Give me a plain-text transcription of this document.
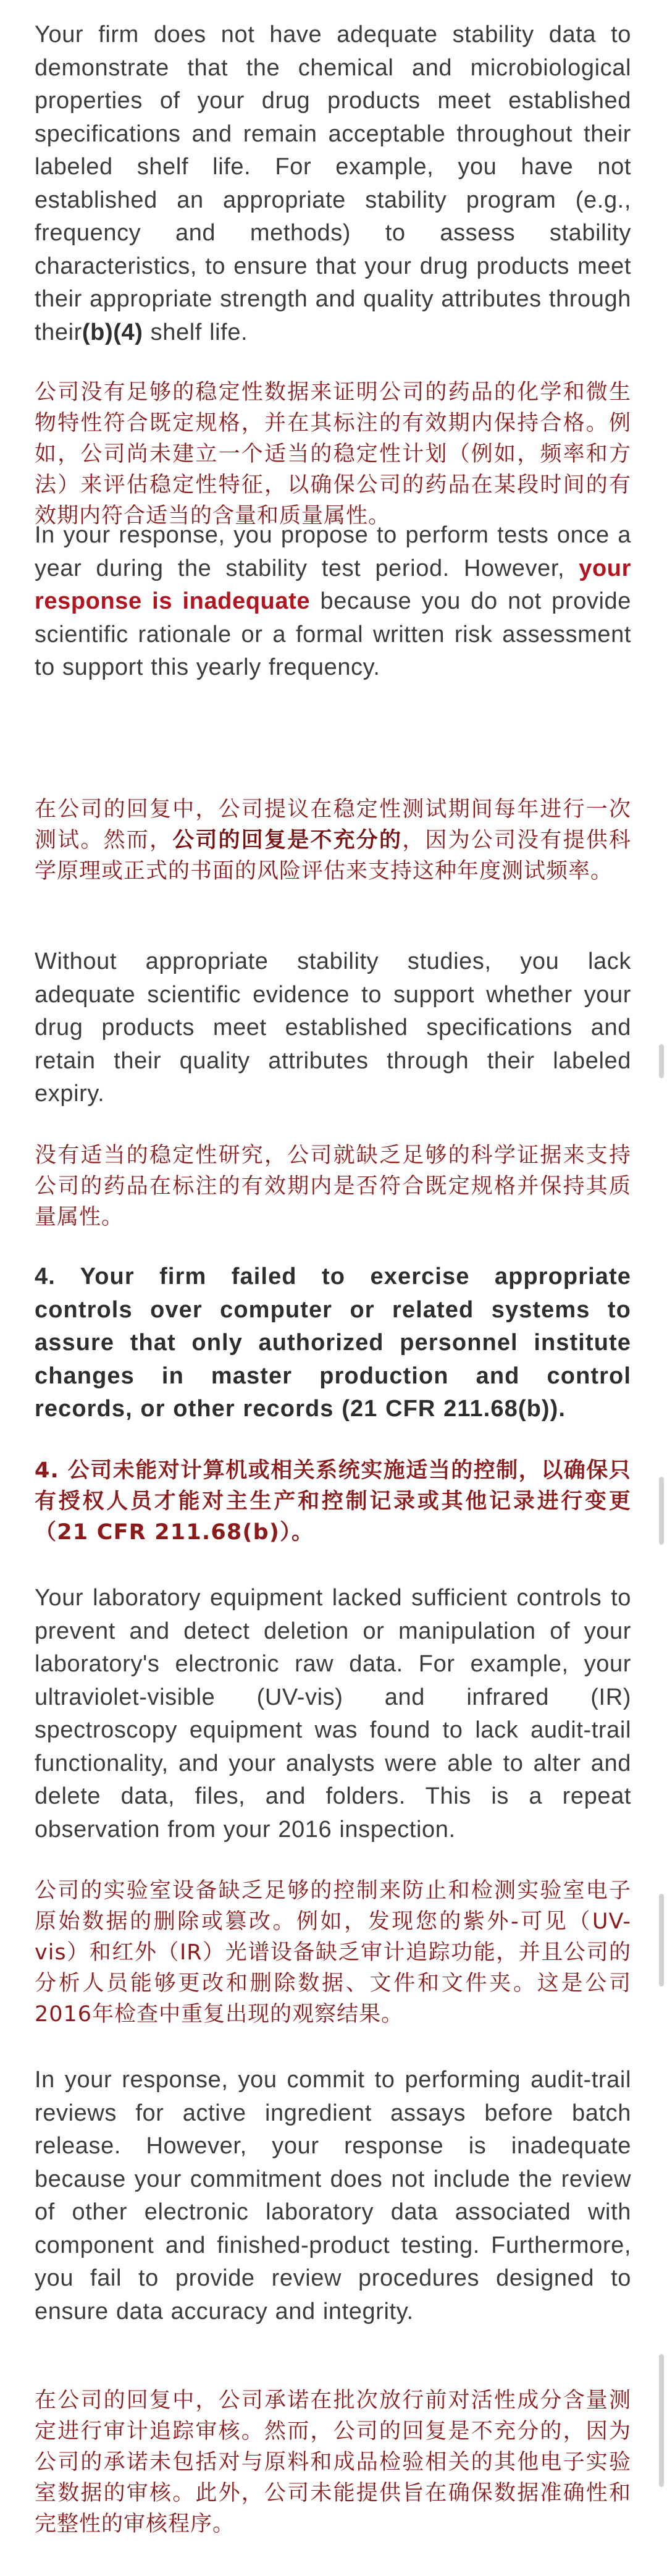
Your firm does not have adequate stability data to demonstrate that the chemical and microbiological properties of your drug products meet established specifications and remain acceptable throughout their labeled shelf life. For example, you have not established an appropriate stability program (e.g., frequency and methods) to assess stability characteristics, to ensure that your drug products meet their appropriate strength and quality attributes through their(b)(4) shelf life.

公司没有足够的稳定性数据来证明公司的药品的化学和微生物特性符合既定规格，并在其标注的有效期内保持合格。例如，公司尚未建立一个适当的稳定性计划（例如，频率和方法）来评估稳定性特征，以确保公司的药品在某段时间的有效期内符合适当的含量和质量属性。

In your response, you propose to perform tests once a year during the stability test period. However, your response is inadequate because you do not provide scientific rationale or a formal written risk assessment to support this yearly frequency.

在公司的回复中，公司提议在稳定性测试期间每年进行一次测试。然而，公司的回复是不充分的，因为公司没有提供科学原理或正式的书面的风险评估来支持这种年度测试频率。

Without appropriate stability studies, you lack adequate scientific evidence to support whether your drug products meet established specifications and retain their quality attributes through their labeled expiry.

没有适当的稳定性研究，公司就缺乏足够的科学证据来支持公司的药品在标注的有效期内是否符合既定规格并保持其质量属性。

4. Your firm failed to exercise appropriate controls over computer or related systems to assure that only authorized personnel institute changes in master production and control records, or other records (21 CFR 211.68(b)).

4. 公司未能对计算机或相关系统实施适当的控制，以确保只有授权人员才能对主生产和控制记录或其他记录进行变更（21 CFR 211.68(b)）。

Your laboratory equipment lacked sufficient controls to prevent and detect deletion or manipulation of your laboratory's electronic raw data. For example, your ultraviolet-visible (UV-vis) and infrared (IR) spectroscopy equipment was found to lack audit-trail functionality, and your analysts were able to alter and delete data, files, and folders. This is a repeat observation from your 2016 inspection.

公司的实验室设备缺乏足够的控制来防止和检测实验室电子原始数据的删除或篡改。例如，发现您的紫外-可见（UV-vis）和红外（IR）光谱设备缺乏审计追踪功能，并且公司的分析人员能够更改和删除数据、文件和文件夹。这是公司2016年检查中重复出现的观察结果。

In your response, you commit to performing audit-trail reviews for active ingredient assays before batch release. However, your response is inadequate because your commitment does not include the review of other electronic laboratory data associated with component and finished-product testing. Furthermore, you fail to provide review procedures designed to ensure data accuracy and integrity.

在公司的回复中，公司承诺在批次放行前对活性成分含量测定进行审计追踪审核。然而，公司的回复是不充分的，因为公司的承诺未包括对与原料和成品检验相关的其他电子实验室数据的审核。此外，公司未能提供旨在确保数据准确性和完整性的审核程序。
